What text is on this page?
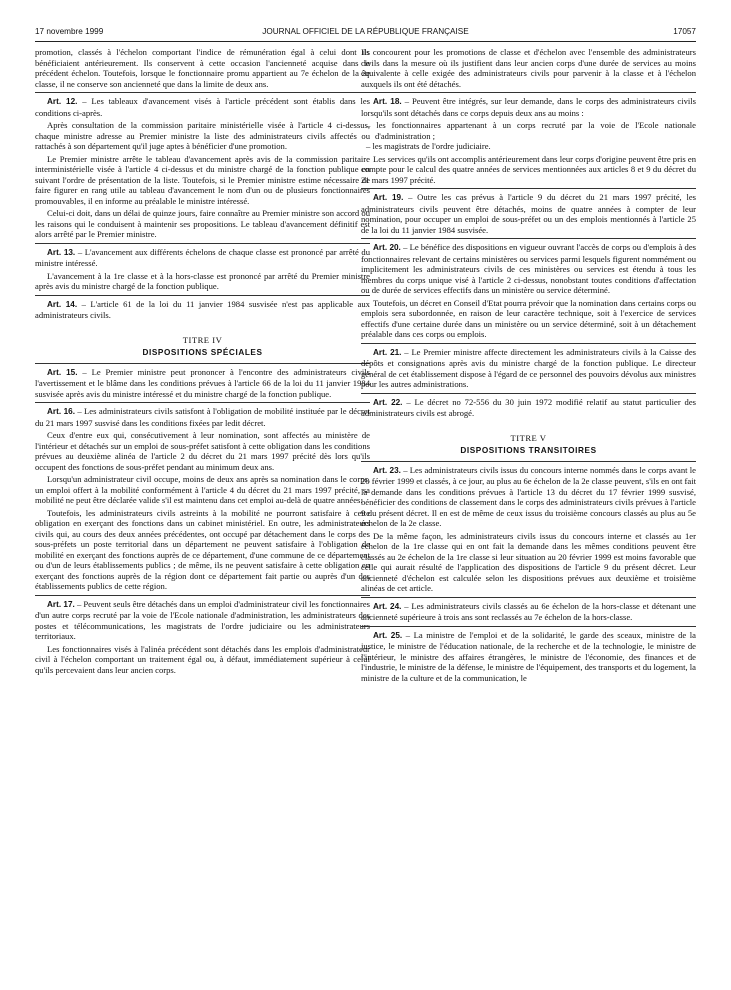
17 novembre 1999	JOURNAL OFFICIEL DE LA RÉPUBLIQUE FRANÇAISE	17057

promotion, classés à l'échelon comportant l'indice de rémunération égal à celui dont ils bénéficiaient antérieurement. Ils conservent à cette occasion l'ancienneté acquise dans le précédent échelon. Toutefois, lorsque le fonctionnaire promu appartient au 7e échelon de la 2e classe, il ne conserve son ancienneté que dans la limite de deux ans.

Art. 12. – Les tableaux d'avancement visés à l'article précédent sont établis dans les conditions ci-après.

Après consultation de la commission paritaire ministérielle visée à l'article 4 ci-dessus, chaque ministre adresse au Premier ministre la liste des administrateurs civils affectés ou rattachés à son département qu'il juge aptes à bénéficier d'une promotion.

Le Premier ministre arrête le tableau d'avancement après avis de la commission paritaire interministérielle visée à l'article 4 ci-dessus et du ministre chargé de la fonction publique en suivant l'ordre de présentation de la liste. Toutefois, si le Premier ministre estime nécessaire de faire figurer en rang utile au tableau d'avancement le nom d'un ou de plusieurs fonctionnaires promouvables, il en informe au préalable le ministre intéressé.

Celui-ci doit, dans un délai de quinze jours, faire connaître au Premier ministre son accord ou les raisons qui le conduisent à maintenir ses propositions. Le tableau d'avancement définitif est alors arrêté par le Premier ministre.

Art. 13. – L'avancement aux différents échelons de chaque classe est prononcé par arrêté du ministre intéressé.

L'avancement à la 1re classe et à la hors-classe est prononcé par arrêté du Premier ministre après avis du ministre chargé de la fonction publique.

Art. 14. – L'article 61 de la loi du 11 janvier 1984 susvisée n'est pas applicable aux administrateurs civils.

TITRE IV

DISPOSITIONS SPÉCIALES

Art. 15. – Le Premier ministre peut prononcer à l'encontre des administrateurs civils l'avertissement et le blâme dans les conditions prévues à l'article 66 de la loi du 11 janvier 1984 susvisée après avis du ministre intéressé et du ministre chargé de la fonction publique.

Art. 16. – Les administrateurs civils satisfont à l'obligation de mobilité instituée par le décret du 21 mars 1997 susvisé dans les conditions fixées par ledit décret.

Ceux d'entre eux qui, consécutivement à leur nomination, sont affectés au ministère de l'intérieur et détachés sur un emploi de sous-préfet satisfont à cette obligation dans les conditions prévues au deuxième alinéa de l'article 2 du décret du 21 mars 1997 précité dès lors qu'ils occupent des fonctions de sous-préfet pendant au minimum deux ans.

Lorsqu'un administrateur civil occupe, moins de deux ans après sa nomination dans le corps, un emploi offert à la mobilité conformément à l'article 4 du décret du 21 mars 1997 précité, sa mobilité ne peut être déclarée valide s'il est maintenu dans cet emploi au-delà de quatre années.

Toutefois, les administrateurs civils astreints à la mobilité ne pourront satisfaire à cette obligation en exerçant des fonctions dans un cabinet ministériel. En outre, les administrateurs civils qui, au cours des deux années précédentes, ont occupé par détachement dans le corps des sous-préfets un poste territorial dans un département ne peuvent satisfaire à l'obligation de mobilité en exerçant des fonctions auprès de ce département, d'une commune de ce département ou d'un de leurs établissements publics ; de même, ils ne peuvent satisfaire à cette obligation en exerçant des fonctions auprès de la région dont ce département fait partie ou auprès d'un des établissements publics de cette région.

Art. 17. – Peuvent seuls être détachés dans un emploi d'administrateur civil les fonctionnaires d'un autre corps recruté par la voie de l'Ecole nationale d'administration, les administrateurs des postes et télécommunications, les magistrats de l'ordre judiciaire ou les administrateurs territoriaux.

Les fonctionnaires visés à l'alinéa précédent sont détachés dans les emplois d'administrateur civil à l'échelon comportant un traitement égal ou, à défaut, immédiatement supérieur à celui qu'ils percevaient dans leur ancien corps.

Ils concourent pour les promotions de classe et d'échelon avec l'ensemble des administrateurs civils dans la mesure où ils justifient dans leur ancien corps d'une durée de services au moins équivalente à celle exigée des administrateurs civils pour parvenir à la classe et à l'échelon auxquels ils ont été détachés.

Art. 18. – Peuvent être intégrés, sur leur demande, dans le corps des administrateurs civils lorsqu'ils sont détachés dans ce corps depuis deux ans au moins :

– les fonctionnaires appartenant à un corps recruté par la voie de l'Ecole nationale d'administration ;
– les magistrats de l'ordre judiciaire.

Les services qu'ils ont accomplis antérieurement dans leur corps d'origine peuvent être pris en compte pour le calcul des quatre années de services mentionnées aux articles 8 et 9 du décret du 21 mars 1997 précité.

Art. 19. – Outre les cas prévus à l'article 9 du décret du 21 mars 1997 précité, les administrateurs civils peuvent être détachés, moins de quatre années à compter de leur nomination, pour occuper un emploi de sous-préfet ou un des emplois mentionnés à l'article 25 de la loi du 11 janvier 1984 susvisée.

Art. 20. – Le bénéfice des dispositions en vigueur ouvrant l'accès de corps ou d'emplois à des fonctionnaires relevant de certains ministères ou services parmi lesquels figurent nommément ou implicitement les administrateurs civils de ces ministères ou services est étendu à tous les membres du corps unique visé à l'article 2 ci-dessus, nonobstant toutes conditions d'affectation ou de durée de services effectifs dans un ministère ou service déterminé.

Toutefois, un décret en Conseil d'Etat pourra prévoir que la nomination dans certains corps ou emplois sera subordonnée, en raison de leur caractère technique, soit à l'exercice de services effectifs d'une certaine durée dans un ministère ou un service déterminé, soit à un détachement préalable dans ces corps ou emplois.

Art. 21. – Le Premier ministre affecte directement les administrateurs civils à la Caisse des dépôts et consignations après avis du ministre chargé de la fonction publique. Le directeur général de cet établissement dispose à l'égard de ce personnel des pouvoirs dévolus aux ministres pour les autres administrations.

Art. 22. – Le décret no 72-556 du 30 juin 1972 modifié relatif au statut particulier des administrateurs civils est abrogé.

TITRE V

DISPOSITIONS TRANSITOIRES

Art. 23. – Les administrateurs civils issus du concours interne nommés dans le corps avant le 20 février 1999 et classés, à ce jour, au plus au 6e échelon de la 2e classe peuvent, s'ils en ont fait la demande dans les conditions prévues à l'article 13 du décret du 17 février 1999 susvisé, bénéficier des conditions de classement dans le corps des administrateurs civils prévues à l'article 9 du présent décret. Il en est de même de ceux issus du troisième concours classés au plus au 5e échelon de la 2e classe.

De la même façon, les administrateurs civils issus du concours interne et classés au 1er échelon de la 1re classe qui en ont fait la demande dans les mêmes conditions peuvent être classés au 2e échelon de la 1re classe si leur situation au 20 février 1999 est moins favorable que celle qui aurait résulté de l'application des dispositions de l'article 9 du présent décret. Leur ancienneté d'échelon est calculée selon les dispositions prévues aux deuxième et troisième alinéas de cet article.

Art. 24. – Les administrateurs civils classés au 6e échelon de la hors-classe et détenant une ancienneté supérieure à trois ans sont reclassés au 7e échelon de la hors-classe.

Art. 25. – La ministre de l'emploi et de la solidarité, le garde des sceaux, ministre de la justice, le ministre de l'éducation nationale, de la recherche et de la technologie, le ministre de l'intérieur, le ministre des affaires étrangères, le ministre de l'économie, des finances et de l'industrie, le ministre de la défense, le ministre de l'équipement, des transports et du logement, la ministre de la culture et de la communication, le
